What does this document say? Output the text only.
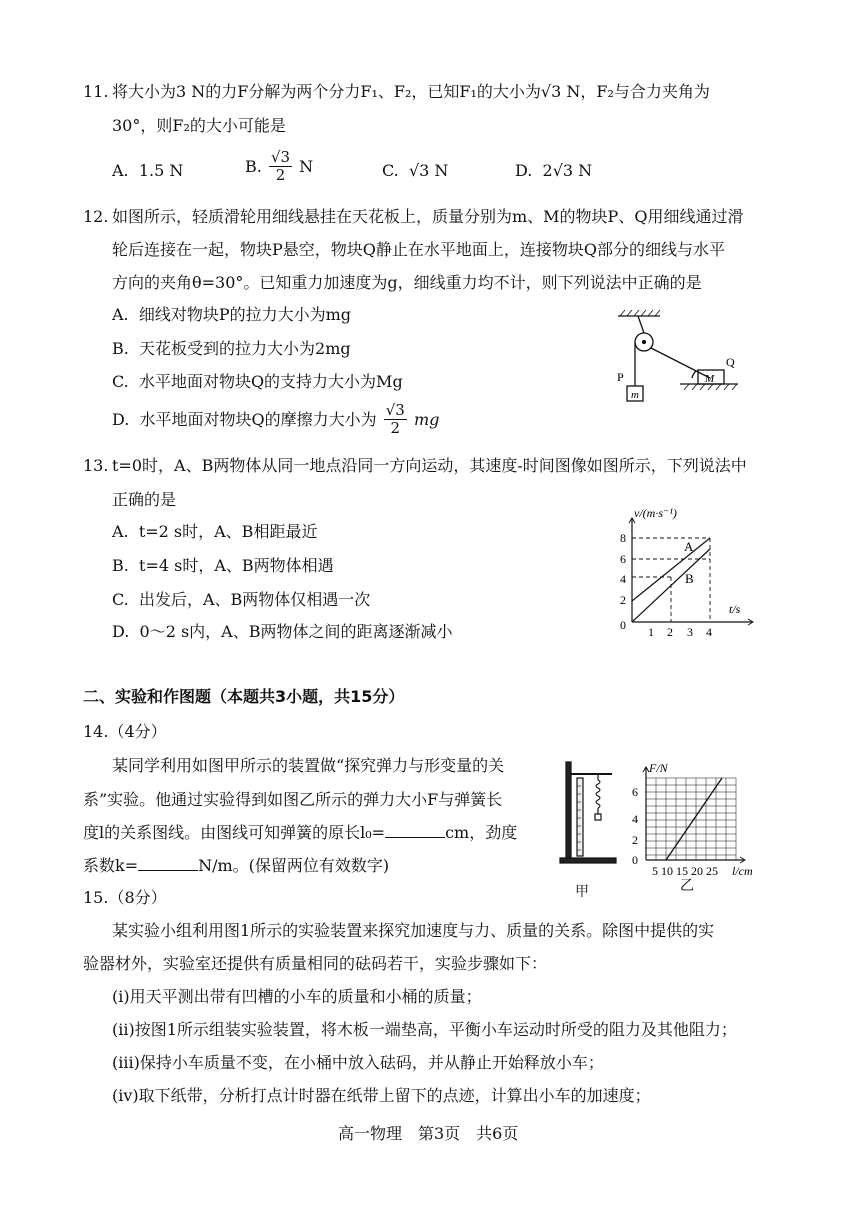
11. 将大小为3 N的力F分解为两个分力F₁、F₂，已知F₁的大小为√3 N，F₂与合力夹角为
30°，则F₂的大小可能是
A. 1.5 N	B. $\frac{√3}{2}$ N	C. √3 N	D. 2√3 N
12. 如图所示，轻质滑轮用细线悬挂在天花板上，质量分别为m、M的物块P、Q用细线通过滑
轮后连接在一起，物块P悬空，物块Q静止在水平地面上，连接物块Q部分的细线与水平
方向的夹角θ=30°。已知重力加速度为g，细线重力均不计，则下列说法中正确的是
A. 细线对物块P的拉力大小为mg
B. 天花板受到的拉力大小为2mg
C. 水平地面对物块Q的支持力大小为Mg
D. 水平地面对物块Q的摩擦力大小为 $\frac{√3}{2}$ mg
P
m
Q
M
13. t=0时，A、B两物体从同一地点沿同一方向运动，其速度-时间图像如图所示，下列说法中
正确的是
A. t=2 s时，A、B相距最近
B. t=4 s时，A、B两物体相遇
C. 出发后，A、B两物体仅相遇一次
D. 0～2 s内，A、B两物体之间的距离逐渐减小
v/(m·s⁻¹)
t/s
8
6
4
2
0 1 2 3 4
A
B
二、实验和作图题（本题共3小题，共15分）
14.（4分）
某同学利用如图甲所示的装置做“探究弹力与形变量的关
系”实验。他通过实验得到如图乙所示的弹力大小F与弹簧长
度l的关系图线。由图线可知弹簧的原长l₀=	cm，劲度
系数k=	N/m。(保留两位有效数字)
甲
F/N
6
4
2
0
5 10 15 20 25 l/cm
乙
15.（8分）
某实验小组利用图1所示的实验装置来探究加速度与力、质量的关系。除图中提供的实
验器材外，实验室还提供有质量相同的砝码若干，实验步骤如下：
(i)用天平测出带有凹槽的小车的质量和小桶的质量；
(ii)按图1所示组装实验装置，将木板一端垫高，平衡小车运动时所受的阻力及其他阻力；
(iii)保持小车质量不变，在小桶中放入砝码，并从静止开始释放小车；
(iv)取下纸带，分析打点计时器在纸带上留下的点迹，计算出小车的加速度；
高一物理　第3页　共6页
